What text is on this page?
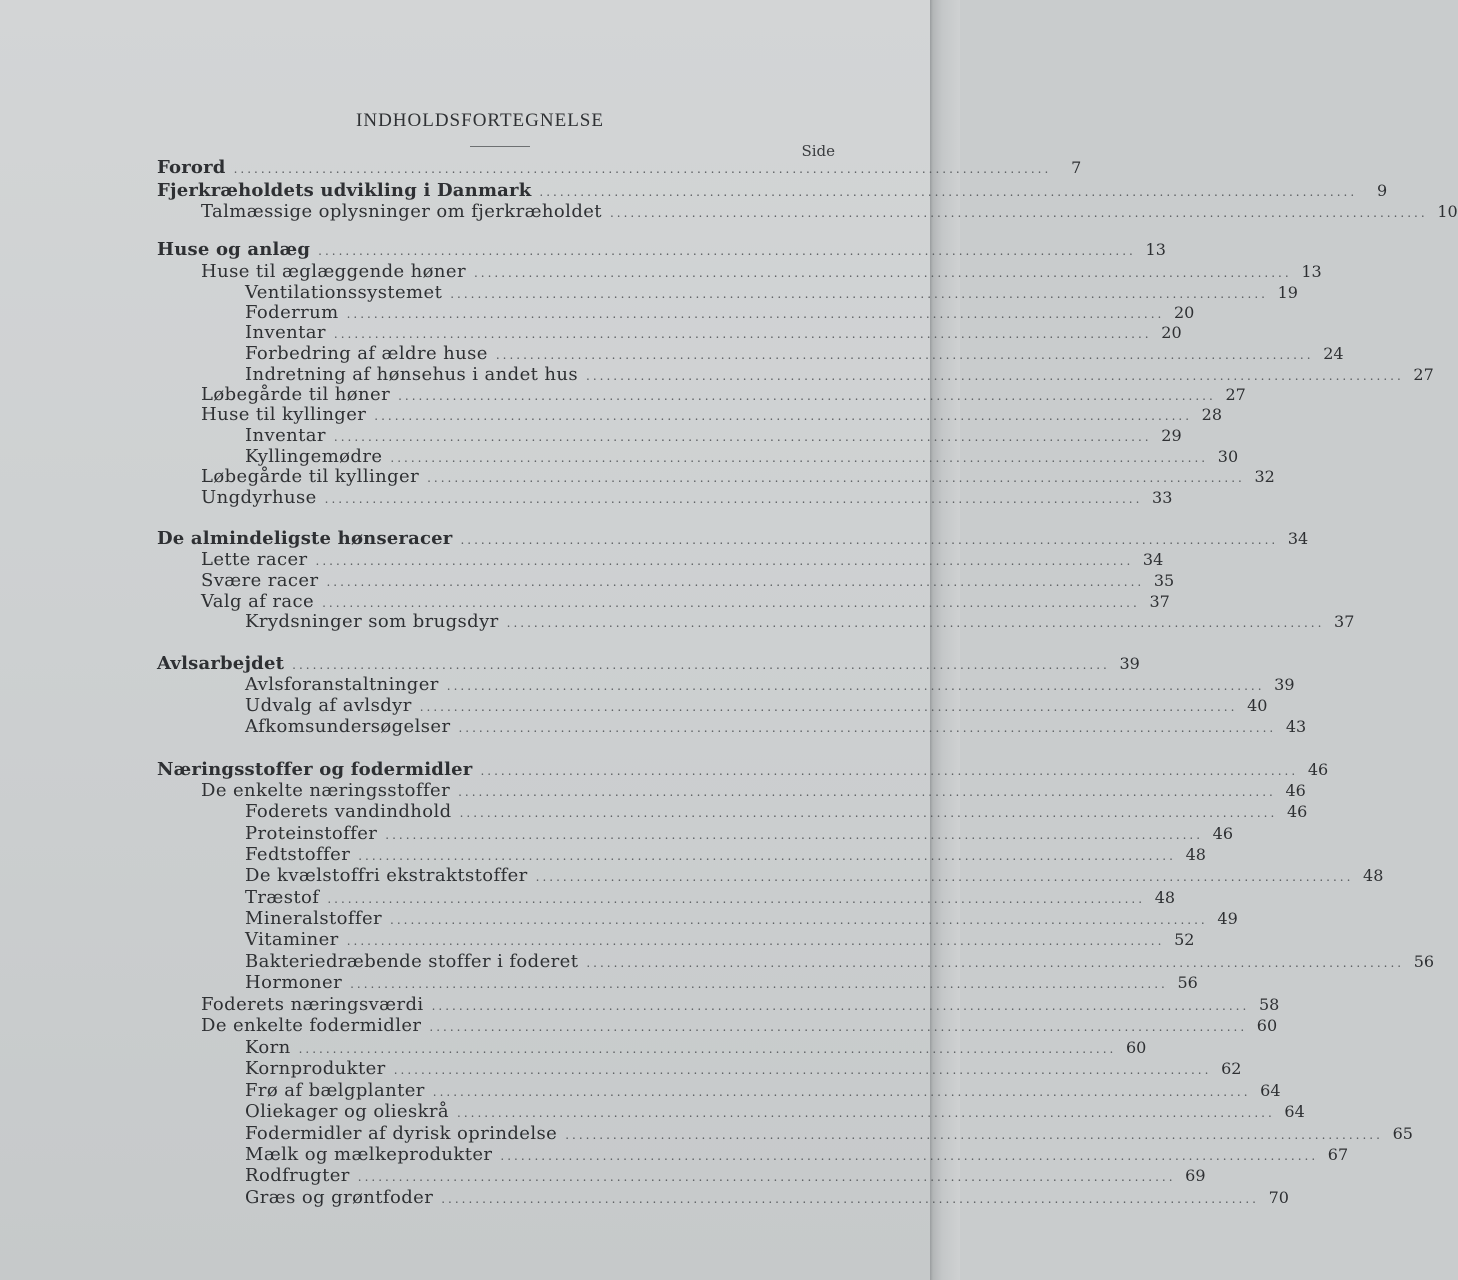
INDHOLDSFORTEGNELSE
Side
Forord ........................................................................................................................	7
Fjerkræholdets udvikling i Danmark ........................................................................................................................	9
Talmæssige oplysninger om fjerkræholdet ........................................................................................................................ 10
Huse og anlæg ........................................................................................................................ 13
Huse til æglæggende høner ........................................................................................................................ 13
Ventilationssystemet ........................................................................................................................ 19
Foderrum ........................................................................................................................ 20
Inventar ........................................................................................................................ 20
Forbedring af ældre huse ........................................................................................................................ 24
Indretning af hønsehus i andet hus ........................................................................................................................ 27
Løbegårde til høner ........................................................................................................................ 27
Huse til kyllinger ........................................................................................................................ 28
Inventar ........................................................................................................................ 29
Kyllingemødre ........................................................................................................................ 30
Løbegårde til kyllinger ........................................................................................................................ 32
Ungdyrhuse ........................................................................................................................ 33
De almindeligste hønseracer ........................................................................................................................ 34
Lette racer ........................................................................................................................ 34
Svære racer ........................................................................................................................ 35
Valg af race ........................................................................................................................ 37
Krydsninger som brugsdyr ........................................................................................................................ 37
Avlsarbejdet ........................................................................................................................ 39
Avlsforanstaltninger ........................................................................................................................ 39
Udvalg af avlsdyr ........................................................................................................................ 40
Afkomsundersøgelser ........................................................................................................................ 43
Næringsstoffer og fodermidler ........................................................................................................................ 46
De enkelte næringsstoffer ........................................................................................................................ 46
Foderets vandindhold ........................................................................................................................ 46
Proteinstoffer ........................................................................................................................ 46
Fedtstoffer ........................................................................................................................ 48
De kvælstoffri ekstraktstoffer ........................................................................................................................ 48
Træstof ........................................................................................................................ 48
Mineralstoffer ........................................................................................................................ 49
Vitaminer ........................................................................................................................ 52
Bakteriedræbende stoffer i foderet ........................................................................................................................ 56
Hormoner ........................................................................................................................ 56
Foderets næringsværdi ........................................................................................................................ 58
De enkelte fodermidler ........................................................................................................................ 60
Korn ........................................................................................................................ 60
Kornprodukter ........................................................................................................................ 62
Frø af bælgplanter ........................................................................................................................ 64
Oliekager og olieskrå ........................................................................................................................ 64
Fodermidler af dyrisk oprindelse ........................................................................................................................ 65
Mælk og mælkeprodukter ........................................................................................................................ 67
Rodfrugter ........................................................................................................................ 69
Græs og grøntfoder ........................................................................................................................ 70
